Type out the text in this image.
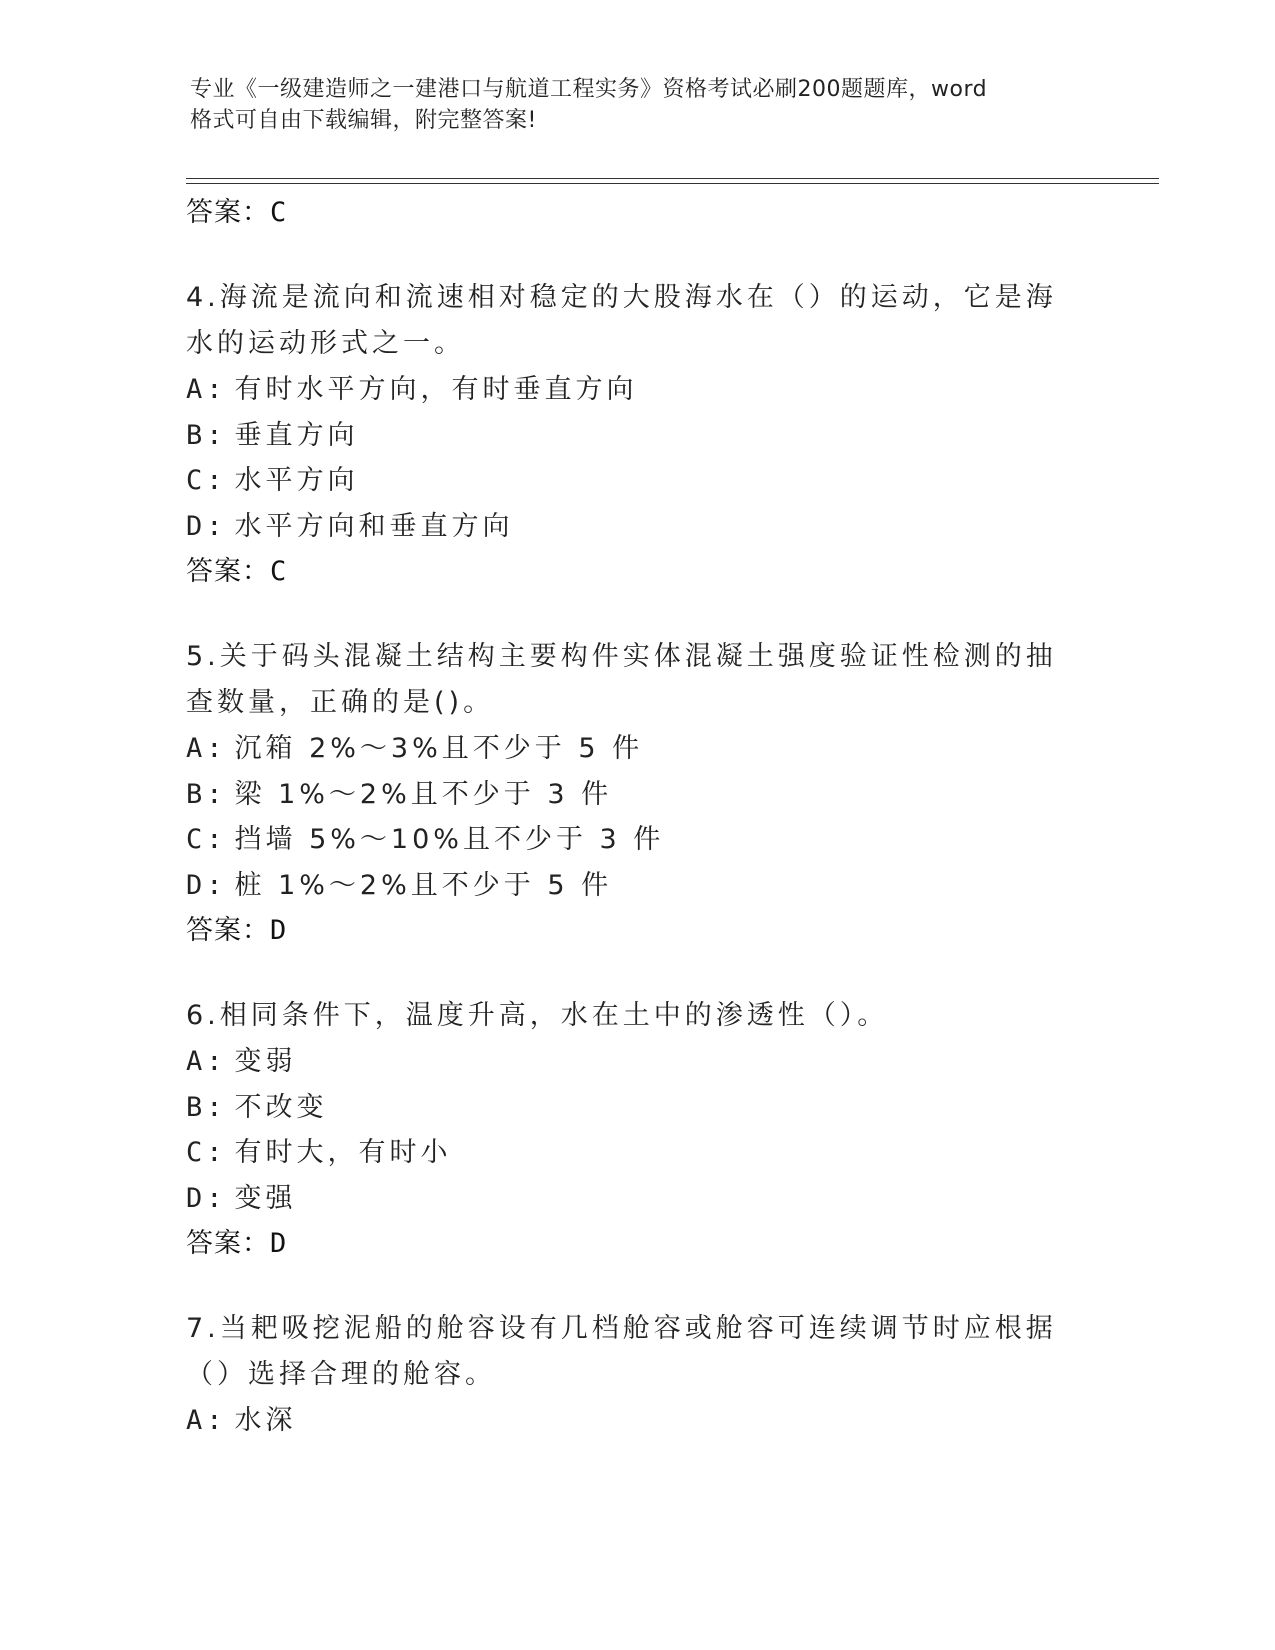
专业《一级建造师之一建港口与航道工程实务》资格考试必刷200题题库，word
格式可自由下载编辑，附完整答案!
答案：C
4.海流是流向和流速相对稳定的大股海水在（）的运动，它是海水的运动形式之一。
A: 有时水平方向，有时垂直方向
B: 垂直方向
C: 水平方向
D: 水平方向和垂直方向
答案：C
5.关于码头混凝土结构主要构件实体混凝土强度验证性检测的抽查数量，正确的是()。
A: 沉箱 2%～3%且不少于 5 件
B: 梁 1%～2%且不少于 3 件
C: 挡墙 5%～10%且不少于 3 件
D: 桩 1%～2%且不少于 5 件
答案：D
6.相同条件下，温度升高，水在土中的渗透性（）。
A: 变弱
B: 不改变
C: 有时大，有时小
D: 变强
答案：D
7.当耙吸挖泥船的舱容设有几档舱容或舱容可连续调节时应根据（）选择合理的舱容。
A: 水深
